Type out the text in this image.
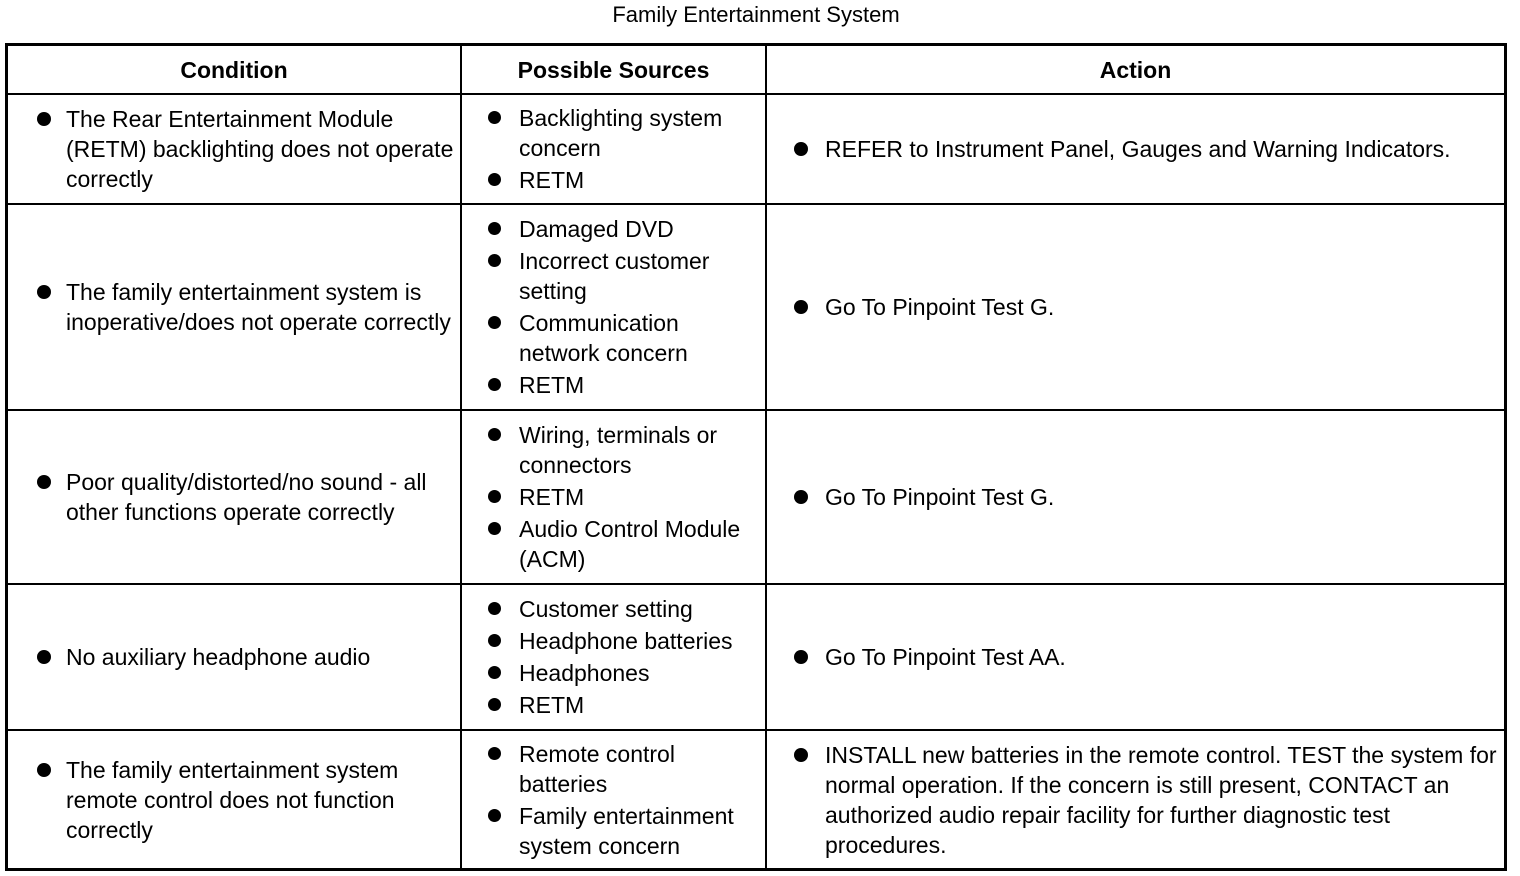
Family Entertainment System
Condition	Possible Sources	Action
The Rear Entertainment Module (RETM) backlighting does not operate correctly
Backlighting system concern
RETM
REFER to Instrument Panel, Gauges and Warning Indicators.
The family entertainment system is inoperative/does not operate correctly
Damaged DVD
Incorrect customer setting
Communication network concern
RETM
Go To Pinpoint Test G.
Poor quality/distorted/no sound - all other functions operate correctly
Wiring, terminals or connectors
RETM
Audio Control Module (ACM)
Go To Pinpoint Test G.
No auxiliary headphone audio
Customer setting
Headphone batteries
Headphones
RETM
Go To Pinpoint Test AA.
The family entertainment system remote control does not function correctly
Remote control batteries
Family entertainment system concern
INSTALL new batteries in the remote control. TEST the system for normal operation. If the concern is still present, CONTACT an authorized audio repair facility for further diagnostic test procedures.
